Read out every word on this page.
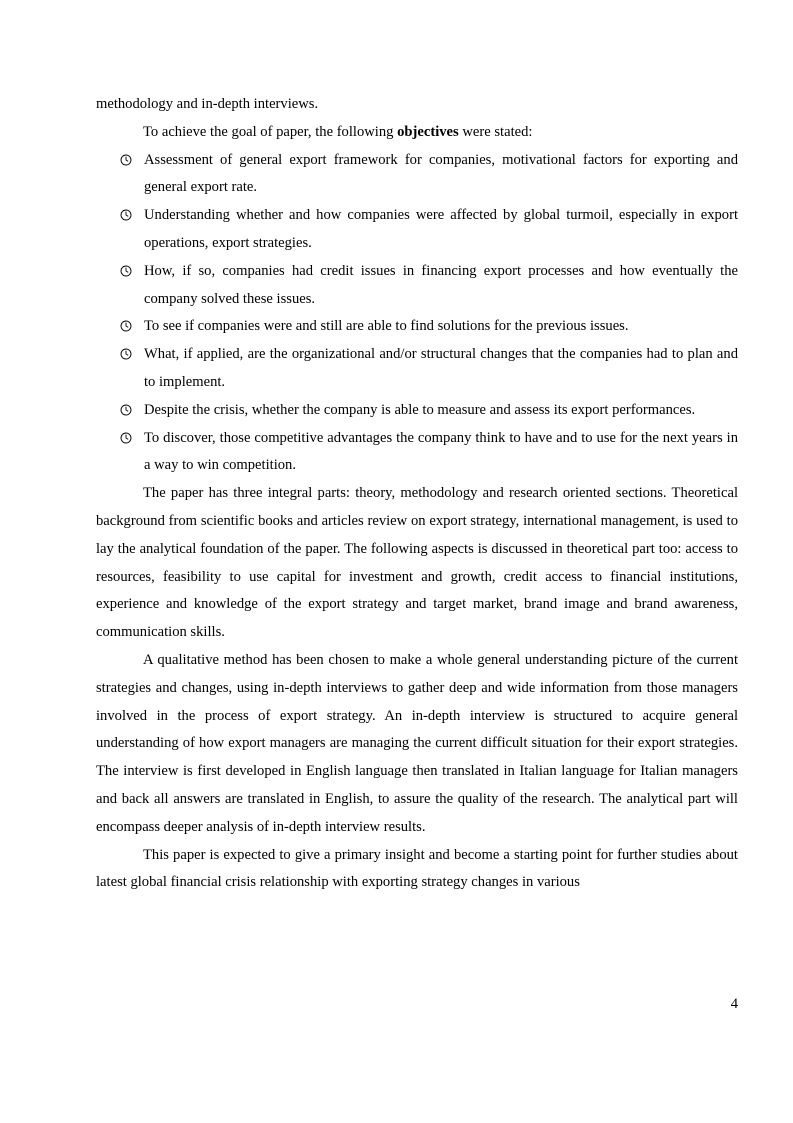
methodology and in-depth interviews.

To achieve the goal of paper, the following objectives were stated:

Assessment of general export framework for companies, motivational factors for exporting and general export rate.
Understanding whether and how companies were affected by global turmoil, especially in export operations, export strategies.
How, if so, companies had credit issues in financing export processes and how eventually the company solved these issues.
To see if companies were and still are able to find solutions for the previous issues.
What, if applied, are the organizational and/or structural changes that the companies had to plan and to implement.
Despite the crisis, whether the company is able to measure and assess its export performances.
To discover, those competitive advantages the company think to have and to use for the next years in a way to win competition.

The paper has three integral parts: theory, methodology and research oriented sections. Theoretical background from scientific books and articles review on export strategy, international management, is used to lay the analytical foundation of the paper. The following aspects is discussed in theoretical part too: access to resources, feasibility to use capital for investment and growth, credit access to financial institutions, experience and knowledge of the export strategy and target market, brand image and brand awareness, communication skills.

A qualitative method has been chosen to make a whole general understanding picture of the current strategies and changes, using in-depth interviews to gather deep and wide information from those managers involved in the process of export strategy. An in-depth interview is structured to acquire general understanding of how export managers are managing the current difficult situation for their export strategies. The interview is first developed in English language then translated in Italian language for Italian managers and back all answers are translated in English, to assure the quality of the research. The analytical part will encompass deeper analysis of in-depth interview results.

This paper is expected to give a primary insight and become a starting point for further studies about latest global financial crisis relationship with exporting strategy changes in various

4
